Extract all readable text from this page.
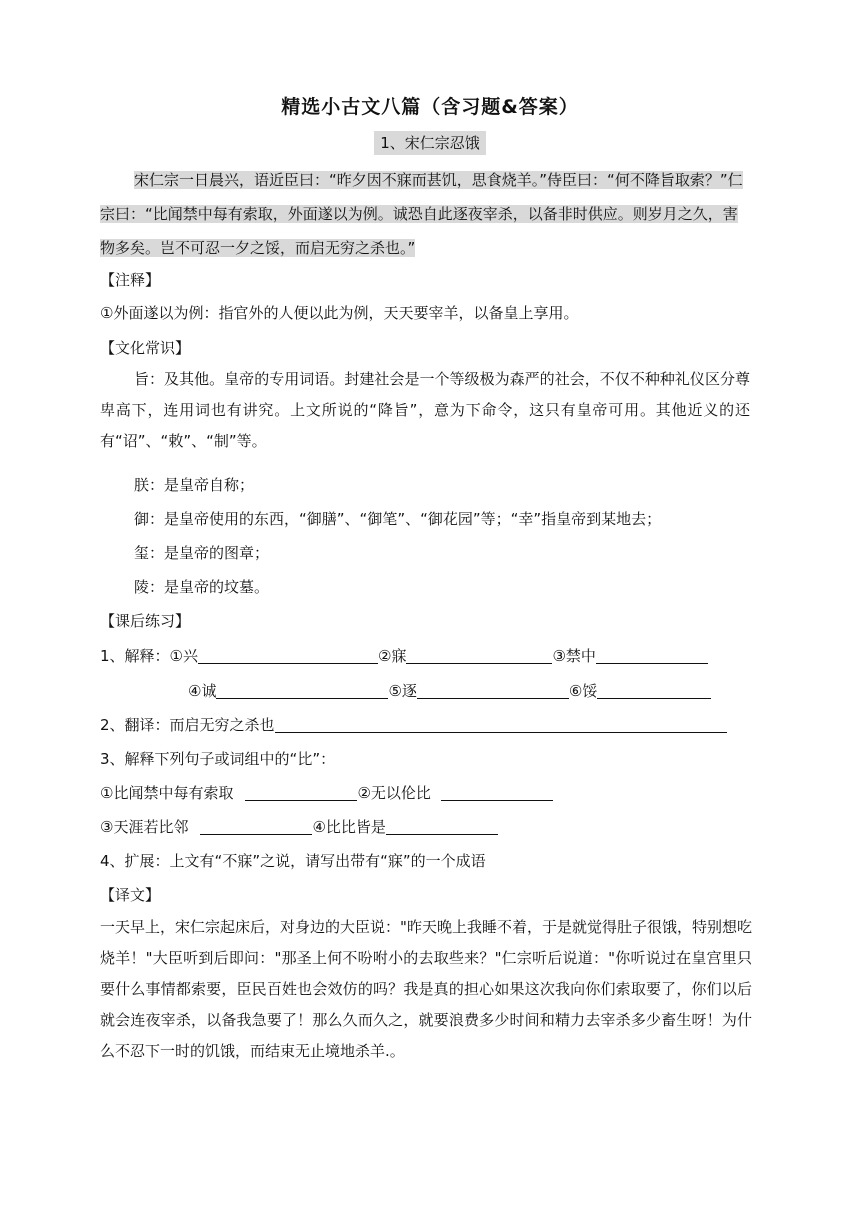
精选小古文八篇（含习题&答案）
1、宋仁宗忍饿
宋仁宗一日晨兴，语近臣曰：“昨夕因不寐而甚饥，思食烧羊。”侍臣曰：“何不降旨取索？”仁宗曰：“比闻禁中每有索取，外面遂以为例。诚恐自此逐夜宰杀，以备非时供应。则岁月之久，害物多矣。岂不可忍一夕之馁，而启无穷之杀也。”
【注释】
①外面遂以为例：指官外的人便以此为例，天天要宰羊，以备皇上享用。
【文化常识】
旨：及其他。皇帝的专用词语。封建社会是一个等级极为森严的社会，不仅不种种礼仪区分尊卑高下，连用词也有讲究。上文所说的“降旨”，意为下命令，这只有皇帝可用。其他近义的还有“诏”、“敕”、“制”等。
朕：是皇帝自称；
御：是皇帝使用的东西，“御膳”、“御笔”、“御花园”等；“幸”指皇帝到某地去；
玺：是皇帝的图章；
陵：是皇帝的坟墓。
【课后练习】
1、解释：①兴	②寐	③禁中
④诚	⑤逐	⑥馁
2、翻译：而启无穷之杀也
3、解释下列句子或词组中的“比”：
①比闻禁中每有索取	②无以伦比
③天涯若比邻	④比比皆是
4、扩展：上文有“不寐”之说，请写出带有“寐”的一个成语
【译文】
一天早上，宋仁宗起床后，对身边的大臣说："昨天晚上我睡不着，于是就觉得肚子很饿，特别想吃烧羊！"大臣听到后即问："那圣上何不吩咐小的去取些来？"仁宗听后说道："你听说过在皇宫里只要什么事情都索要，臣民百姓也会效仿的吗？我是真的担心如果这次我向你们索取要了，你们以后就会连夜宰杀，以备我急要了！那么久而久之，就要浪费多少时间和精力去宰杀多少畜生呀！为什么不忍下一时的饥饿，而结束无止境地杀羊.。
